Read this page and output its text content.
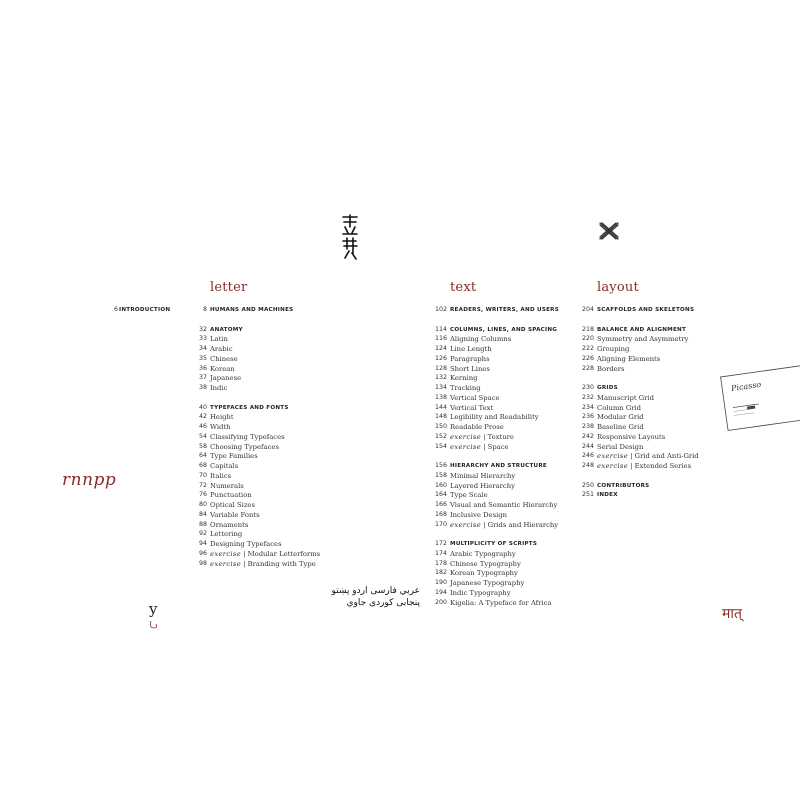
6 INTRODUCTION
letter	text	layout
8 HUMANS AND MACHINES
32 ANATOMY
33 Latin
34 Arabic
35 Chinese
36 Korean
37 Japanese
38 Indic
40 TYPEFACES AND FONTS
42 Height
46 Width
54 Classifying Typefaces
58 Choosing Typefaces
64 Type Families
68 Capitals
70 Italics
72 Numerals
76 Punctuation
80 Optical Sizes
84 Variable Fonts
88 Ornaments
92 Lettering
94 Designing Typefaces
96 exercise | Modular Letterforms
98 exercise | Branding with Type
102 READERS, WRITERS, AND USERS
114 COLUMNS, LINES, AND SPACING
116 Aligning Columns
124 Line Length
126 Paragraphs
128 Short Lines
132 Kerning
134 Tracking
138 Vertical Space
144 Vertical Text
148 Legibility and Readability
150 Readable Prose
152 exercise | Texture
154 exercise | Space
156 HIERARCHY AND STRUCTURE
158 Minimal Hierarchy
160 Layered Hierarchy
164 Type Scale
166 Visual and Semantic Hierarchy
168 Inclusive Design
170 exercise | Grids and Hierarchy
172 MULTIPLICITY OF SCRIPTS
174 Arabic Typography
178 Chinese Typography
182 Korean Typography
190 Japanese Typography
194 Indic Typography
200 Kigelia: A Typeface for Africa
204 SCAFFOLDS AND SKELETONS
218 BALANCE AND ALIGNMENT
220 Symmetry and Asymmetry
222 Grouping
226 Aligning Elements
228 Borders
230 GRIDS
232 Manuscript Grid
234 Column Grid
236 Modular Grid
238 Baseline Grid
242 Responsive Layouts
244 Serial Design
246 exercise | Grid and Anti-Grid
248 exercise | Extended Series
250 CONTRIBUTORS
251 INDEX
rnnpp
y
عربي فارسی اردو پښتو
پنجابی کوردی جاوي
मात्
Picasso
